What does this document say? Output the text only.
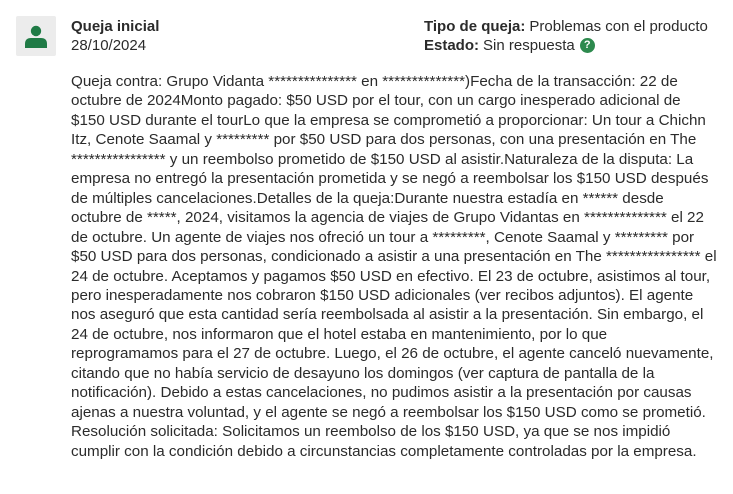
Queja inicial
28/10/2024
Tipo de queja: Problemas con el producto
Estado: Sin respuesta ?

Queja contra: Grupo Vidanta *************** en **************)Fecha de la transacción: 22 de octubre de 2024Monto pagado: $50 USD por el tour, con un cargo inesperado adicional de $150 USD durante el tourLo que la empresa se comprometió a proporcionar: Un tour a Chichn Itz, Cenote Saamal y ********* por $50 USD para dos personas, con una presentación en The **************** y un reembolso prometido de $150 USD al asistir.Naturaleza de la disputa: La empresa no entregó la presentación prometida y se negó a reembolsar los $150 USD después de múltiples cancelaciones.Detalles de la queja:Durante nuestra estadía en ****** desde octubre de *****, 2024, visitamos la agencia de viajes de Grupo Vidantas en ************** el 22 de octubre. Un agente de viajes nos ofreció un tour a *********, Cenote Saamal y ********* por $50 USD para dos personas, condicionado a asistir a una presentación en The **************** el 24 de octubre. Aceptamos y pagamos $50 USD en efectivo. El 23 de octubre, asistimos al tour, pero inesperadamente nos cobraron $150 USD adicionales (ver recibos adjuntos). El agente nos aseguró que esta cantidad sería reembolsada al asistir a la presentación. Sin embargo, el 24 de octubre, nos informaron que el hotel estaba en mantenimiento, por lo que reprogramamos para el 27 de octubre. Luego, el 26 de octubre, el agente canceló nuevamente, citando que no había servicio de desayuno los domingos (ver captura de pantalla de la notificación). Debido a estas cancelaciones, no pudimos asistir a la presentación por causas ajenas a nuestra voluntad, y el agente se negó a reembolsar los $150 USD como se prometió. Resolución solicitada: Solicitamos un reembolso de los $150 USD, ya que se nos impidió cumplir con la condición debido a circunstancias completamente controladas por la empresa.
